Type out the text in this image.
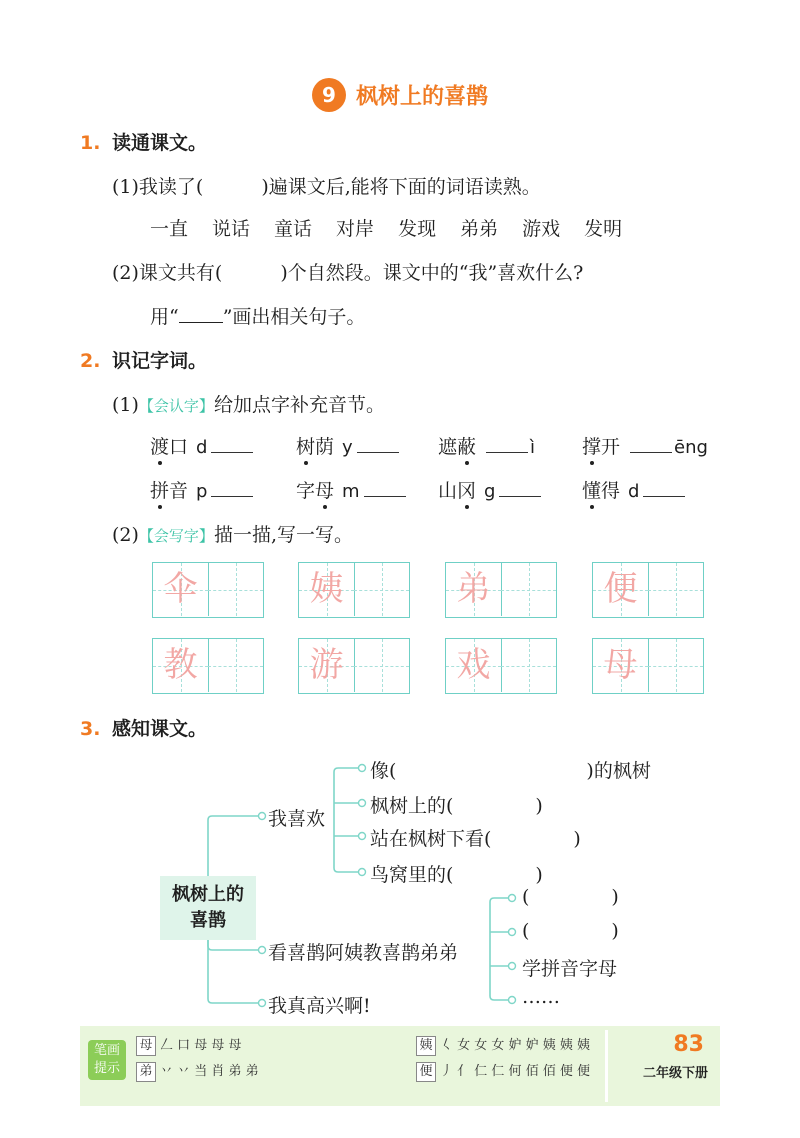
9 枫树上的喜鹊
1. 读通课文。
(1)我读了(	)遍课文后,能将下面的词语读熟。
一直 说话 童话 对岸 发现 弟弟 游戏 发明
(2)课文共有(	)个自然段。课文中的“我”喜欢什么?
用“ ”画出相关句子。
2. 识记字词。
(1)【会认字】给加点字补充音节。
渡口 d	树荫 y	遮蔽	ì 撑开	ēng
拼音 p	字母 m	山冈 g	懂得 d
(2)【会写字】描一描,写一写。
伞	姨	弟	便
教	游	戏	母
3. 感知课文。
枫树上的
喜鹊
我喜欢
像(	)的枫树
枫树上的(	)
站在枫树下看(	)
鸟窝里的(	)
看喜鹊阿姨教喜鹊弟弟
(	)
(	)
学拼音字母
……
我真高兴啊!
笔画
提示
母 𠃋 口 母 母 母
弟 丷 丷 当 肖 弟 弟
姨 𡿨 女 女 女 妒 妒 姨 姨 姨
便 丿 亻 仁 仁 何 佰 佰 便 便
83
二年级下册
